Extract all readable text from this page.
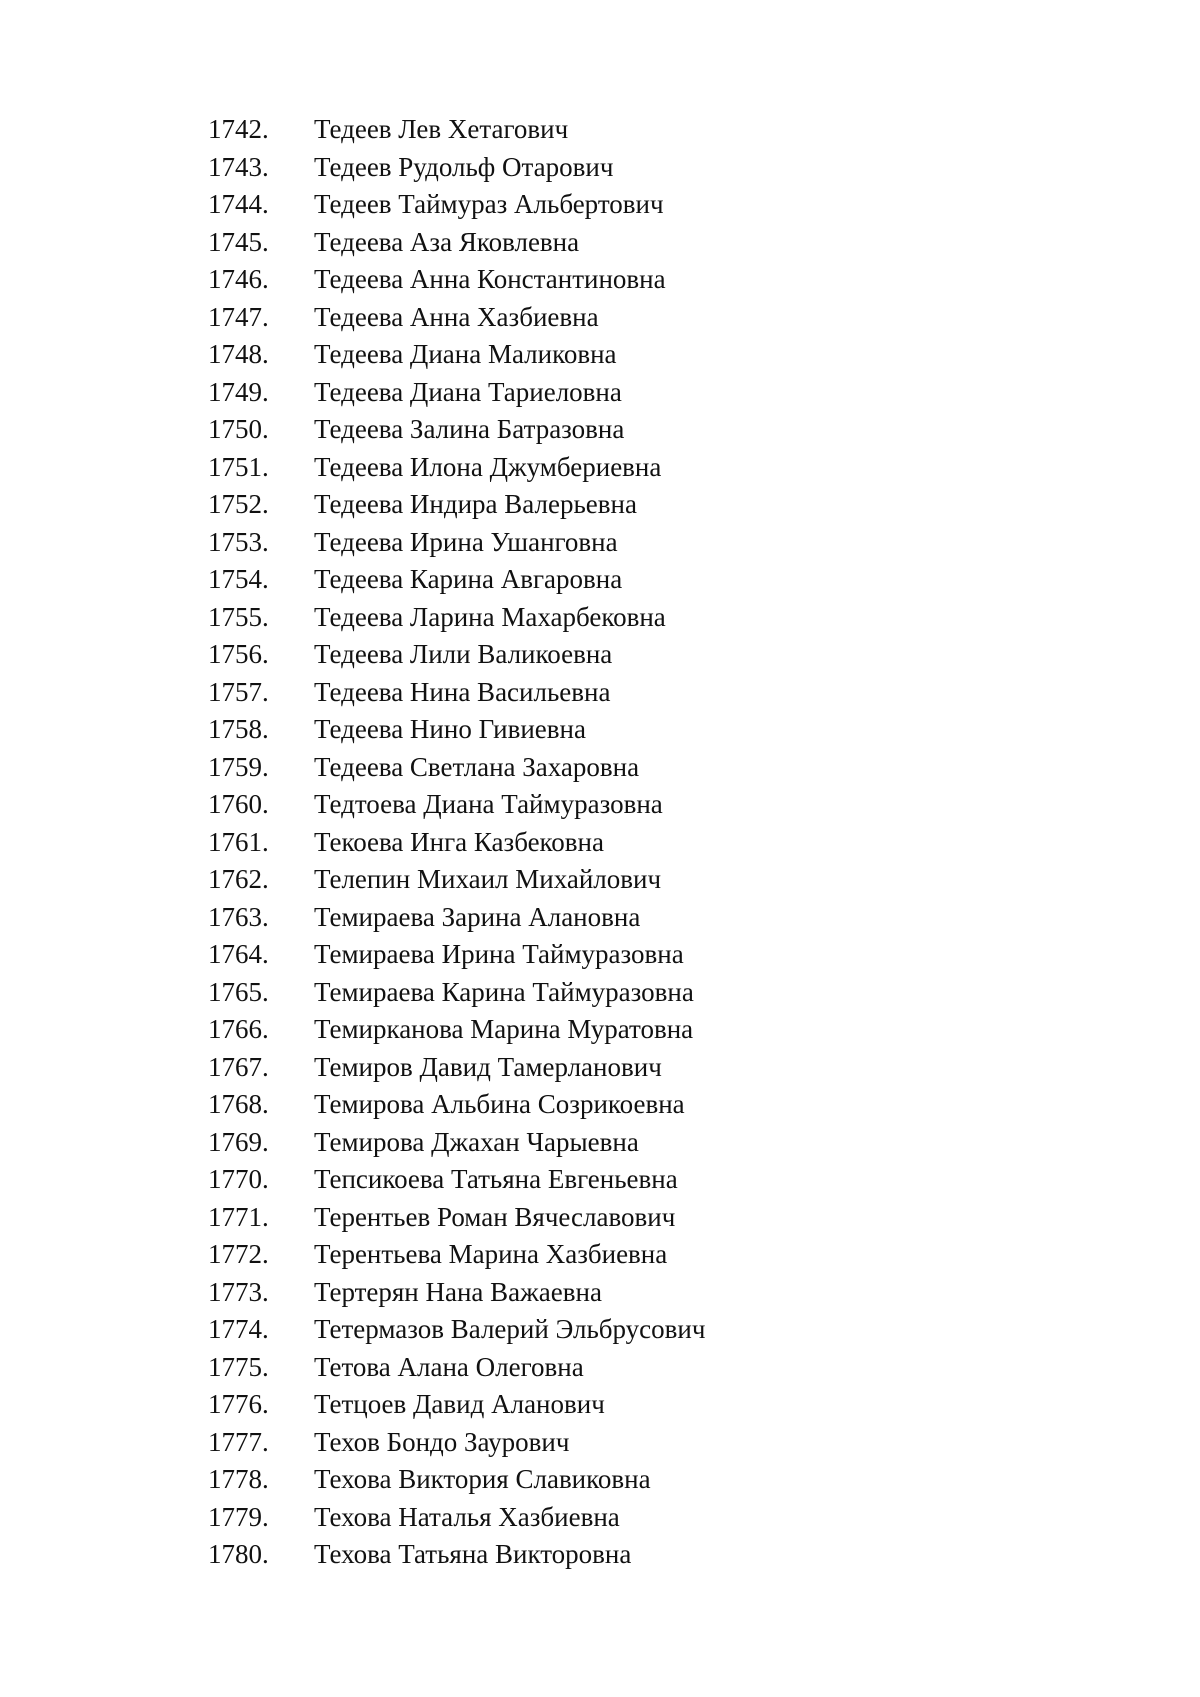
1742.	Тедеев Лев Хетагович
1743.	Тедеев Рудольф Отарович
1744.	Тедеев Таймураз Альбертович
1745.	Тедеева Аза Яковлевна
1746.	Тедеева Анна Константиновна
1747.	Тедеева Анна Хазбиевна
1748.	Тедеева Диана Маликовна
1749.	Тедеева Диана Тариеловна
1750.	Тедеева Залина Батразовна
1751.	Тедеева Илона Джумбериевна
1752.	Тедеева Индира Валерьевна
1753.	Тедеева Ирина Ушанговна
1754.	Тедеева Карина Авгаровна
1755.	Тедеева Ларина Махарбековна
1756.	Тедеева Лили Валикоевна
1757.	Тедеева Нина Васильевна
1758.	Тедеева Нино Гивиевна
1759.	Тедеева Светлана Захаровна
1760.	Тедтоева Диана Таймуразовна
1761.	Текоева Инга Казбековна
1762.	Телепин Михаил Михайлович
1763.	Темираева Зарина Алановна
1764.	Темираева Ирина Таймуразовна
1765.	Темираева Карина Таймуразовна
1766.	Темирканова Марина Муратовна
1767.	Темиров Давид Тамерланович
1768.	Темирова Альбина Созрикоевна
1769.	Темирова Джахан Чарыевна
1770.	Тепсикоева Татьяна Евгеньевна
1771.	Терентьев Роман Вячеславович
1772.	Терентьева Марина Хазбиевна
1773.	Тертерян Нана Важаевна
1774.	Тетермазов Валерий Эльбрусович
1775.	Тетова Алана Олеговна
1776.	Тетцоев Давид Аланович
1777.	Техов Бондо Заурович
1778.	Техова Виктория Славиковна
1779.	Техова Наталья Хазбиевна
1780.	Техова Татьяна Викторовна
